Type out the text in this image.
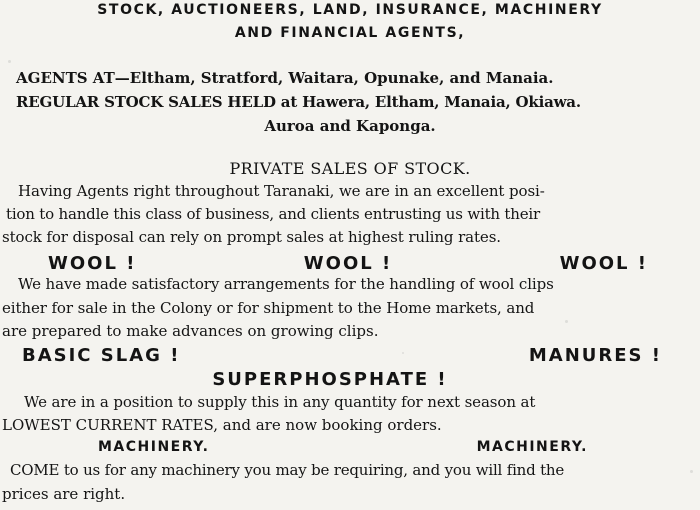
STOCK, AUCTIONEERS, LAND, INSURANCE, MACHINERY
AND FINANCIAL AGENTS,
AGENTS AT—Eltham, Stratford, Waitara, Opunake, and Manaia.
REGULAR STOCK SALES HELD at Hawera, Eltham, Manaia, Okiawa.
Auroa and Kaponga.
PRIVATE SALES OF STOCK.
Having Agents right throughout Taranaki, we are in an excellent posi-
tion to handle this class of business, and clients entrusting us with their
stock for disposal can rely on prompt sales at highest ruling rates.
WOOL !	WOOL !	WOOL !
We have made satisfactory arrangements for the handling of wool clips
either for sale in the Colony or for shipment to the Home markets, and
are prepared to make advances on growing clips.
BASIC SLAG !	MANURES !
SUPERPHOSPHATE !
We are in a position to supply this in any quantity for next season at
LOWEST CURRENT RATES, and are now booking orders.
MACHINERY.	MACHINERY.
COME to us for any machinery you may be requiring, and you will find the
prices are right.
